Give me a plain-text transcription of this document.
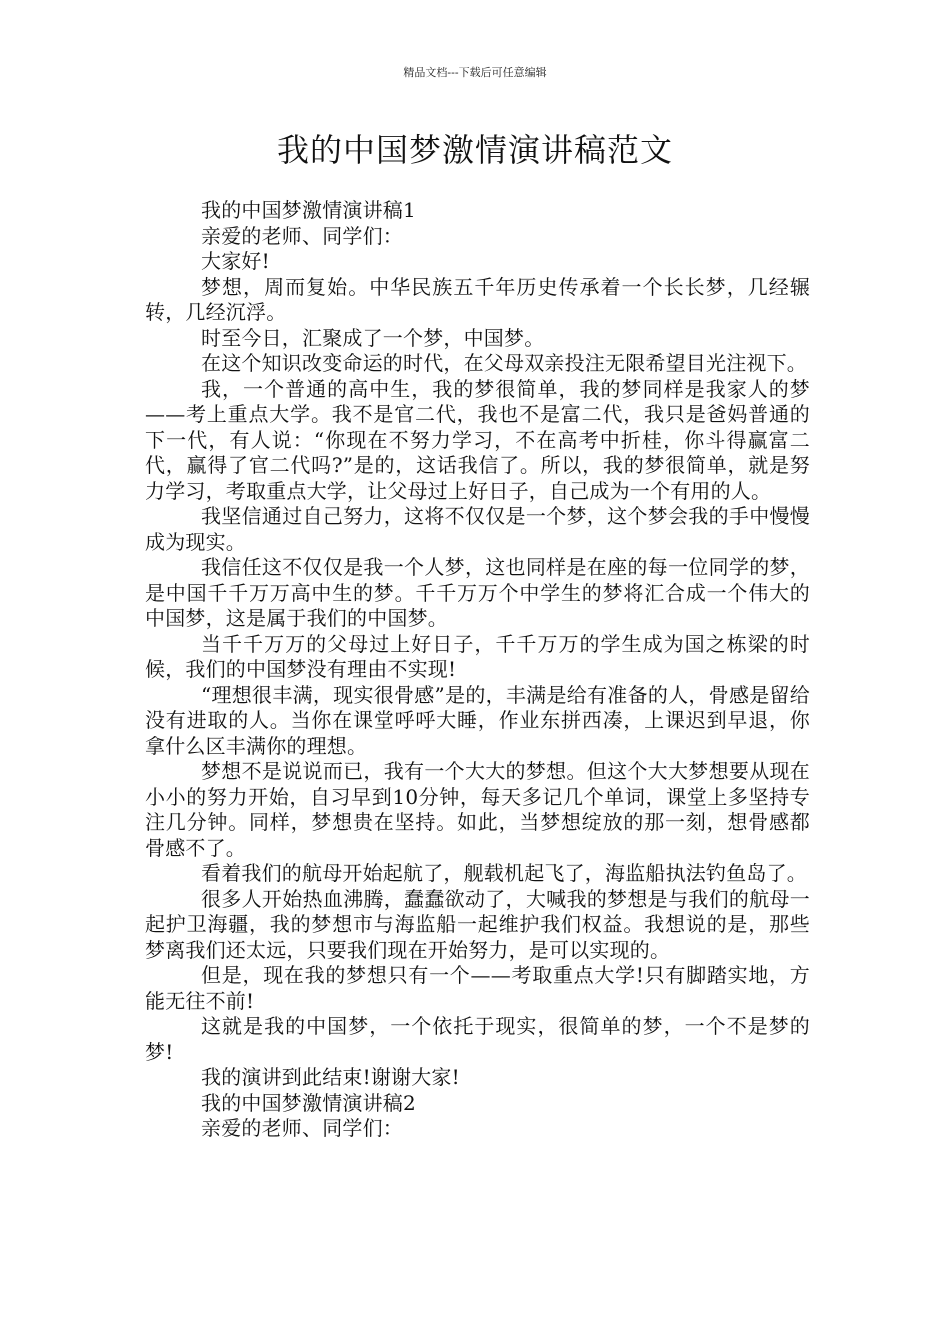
精品文档---下载后可任意编辑
我的中国梦激情演讲稿范文

我的中国梦激情演讲稿1

亲爱的老师、同学们：

大家好!

梦想，周而复始。中华民族五千年历史传承着一个长长梦，几经辗转，几经沉浮。

时至今日，汇聚成了一个梦，中国梦。

在这个知识改变命运的时代，在父母双亲投注无限希望目光注视下。

我，一个普通的高中生，我的梦很简单，我的梦同样是我家人的梦——考上重点大学。我不是官二代，我也不是富二代，我只是爸妈普通的下一代，有人说：“你现在不努力学习，不在高考中折桂，你斗得赢富二代，赢得了官二代吗?”是的，这话我信了。所以，我的梦很简单，就是努力学习，考取重点大学，让父母过上好日子，自己成为一个有用的人。

我坚信通过自己努力，这将不仅仅是一个梦，这个梦会我的手中慢慢成为现实。

我信任这不仅仅是我一个人梦，这也同样是在座的每一位同学的梦，是中国千千万万高中生的梦。千千万万个中学生的梦将汇合成一个伟大的中国梦，这是属于我们的中国梦。

当千千万万的父母过上好日子，千千万万的学生成为国之栋梁的时候，我们的中国梦没有理由不实现!

“理想很丰满，现实很骨感”是的，丰满是给有准备的人，骨感是留给没有进取的人。当你在课堂呼呼大睡，作业东拼西凑，上课迟到早退，你拿什么区丰满你的理想。

梦想不是说说而已，我有一个大大的梦想。但这个大大梦想要从现在小小的努力开始，自习早到10分钟，每天多记几个单词，课堂上多坚持专注几分钟。同样，梦想贵在坚持。如此，当梦想绽放的那一刻，想骨感都骨感不了。

看着我们的航母开始起航了，舰载机起飞了，海监船执法钓鱼岛了。

很多人开始热血沸腾，蠢蠢欲动了，大喊我的梦想是与我们的航母一起护卫海疆，我的梦想市与海监船一起维护我们权益。我想说的是，那些梦离我们还太远，只要我们现在开始努力，是可以实现的。

但是，现在我的梦想只有一个——考取重点大学!只有脚踏实地，方能无往不前!

这就是我的中国梦，一个依托于现实，很简单的梦，一个不是梦的梦!

我的演讲到此结束!谢谢大家!

我的中国梦激情演讲稿2

亲爱的老师、同学们：
